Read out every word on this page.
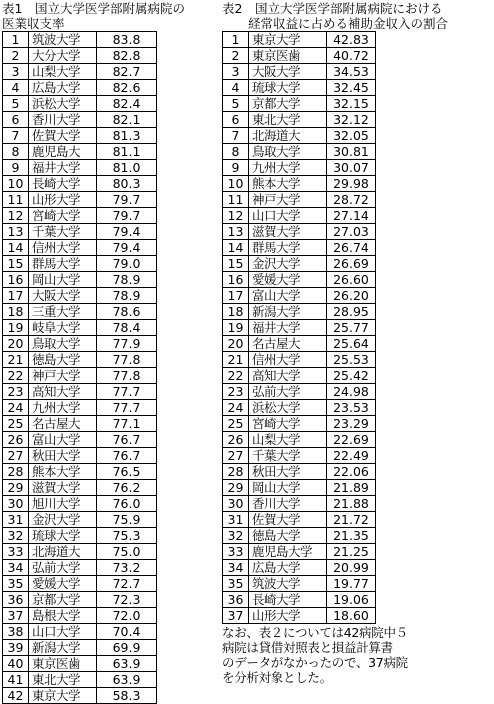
表1　国立大学医学部附属病院の
医業収支率
1	筑波大学	83.8
2	大分大学	82.8
3	山梨大学	82.7
4	広島大学	82.6
5	浜松大学	82.4
6	香川大学	82.1
7	佐賀大学	81.3
8	鹿児島大	81.1
9	福井大学	81.0
10	長崎大学	80.3
11	山形大学	79.7
12	宮崎大学	79.7
13	千葉大学	79.4
14	信州大学	79.4
15	群馬大学	79.0
16	岡山大学	78.9
17	大阪大学	78.9
18	三重大学	78.6
19	岐阜大学	78.4
20	鳥取大学	77.9
21	徳島大学	77.8
22	神戸大学	77.8
23	高知大学	77.7
24	九州大学	77.7
25	名古屋大	77.1
26	富山大学	76.7
27	秋田大学	76.7
28	熊本大学	76.5
29	滋賀大学	76.2
30	旭川大学	76.0
31	金沢大学	75.9
32	琉球大学	75.3
33	北海道大	75.0
34	弘前大学	73.2
35	愛媛大学	72.7
36	京都大学	72.3
37	島根大学	72.0
38	山口大学	70.4
39	新潟大学	69.9
40	東京医歯	63.9
41	東北大学	63.9
42	東京大学	58.3
表2　国立大学医学部附属病院における
経常収益に占める補助金収入の割合
1	東京大学	42.83
2	東京医歯	40.72
3	大阪大学	34.53
4	琉球大学	32.45
5	京都大学	32.15
6	東北大学	32.12
7	北海道大	32.05
8	鳥取大学	30.81
9	九州大学	30.07
10	熊本大学	29.98
11	神戸大学	28.72
12	山口大学	27.14
13	滋賀大学	27.03
14	群馬大学	26.74
15	金沢大学	26.69
16	愛媛大学	26.60
17	富山大学	26.20
18	新潟大学	28.95
19	福井大学	25.77
20	名古屋大	25.64
21	信州大学	25.53
22	高知大学	25.42
23	弘前大学	24.98
24	浜松大学	23.53
25	宮崎大学	23.29
26	山梨大学	22.69
27	千葉大学	22.49
28	秋田大学	22.06
29	岡山大学	21.89
30	香川大学	21.88
31	佐賀大学	21.72
32	徳島大学	21.35
33	鹿児島大学	21.25
34	広島大学	20.99
35	筑波大学	19.77
36	長崎大学	19.06
37	山形大学	18.60
なお、表２については42病院中５
病院は貸借対照表と損益計算書
のデータがなかったので、37病院
を分析対象とした。
